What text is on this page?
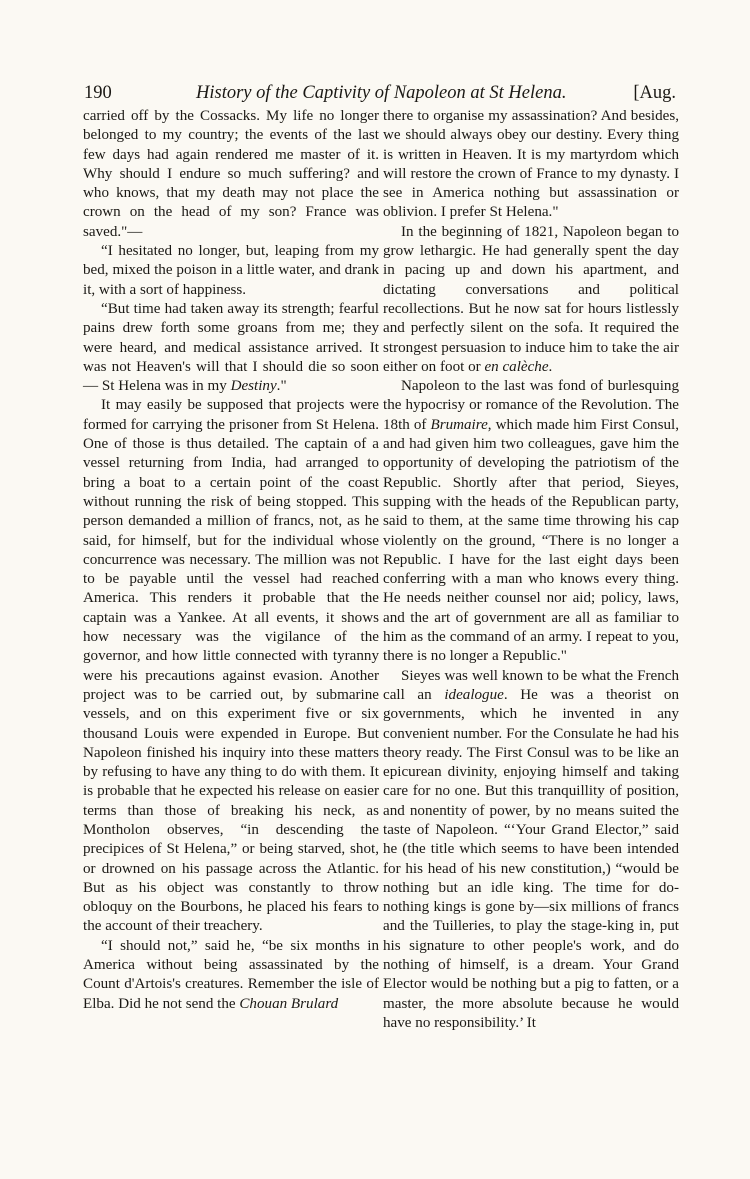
190	History of the Captivity of Napoleon at St Helena.	[Aug.

carried off by the Cossacks. My life no longer belonged to my country; the events of the last few days had again rendered me master of it. Why should I endure so much suffering? and who knows, that my death may not place the crown on the head of my son? France was saved."—

“I hesitated no longer, but, leaping from my bed, mixed the poison in a little water, and drank it, with a sort of happiness.

“But time had taken away its strength; fearful pains drew forth some groans from me; they were heard, and medical assistance arrived. It was not Heaven's will that I should die so soon — St Helena was in my Destiny."

It may easily be supposed that projects were formed for carrying the prisoner from St Helena. One of those is thus detailed. The captain of a vessel returning from India, had arranged to bring a boat to a certain point of the coast without running the risk of being stopped. This person demanded a million of francs, not, as he said, for himself, but for the individual whose concurrence was necessary. The million was not to be payable until the vessel had reached America. This renders it probable that the captain was a Yankee. At all events, it shows how necessary was the vigilance of the governor, and how little connected with tyranny were his precautions against evasion. Another project was to be carried out, by submarine vessels, and on this experiment five or six thousand Louis were expended in Europe. But Napoleon finished his inquiry into these matters by refusing to have any thing to do with them. It is probable that he expected his release on easier terms than those of breaking his neck, as Montholon observes, “in descending the precipices of St Helena,” or being starved, shot, or drowned on his passage across the Atlantic. But as his object was constantly to throw obloquy on the Bourbons, he placed his fears to the account of their treachery.

“I should not,” said he, “be six months in America without being assassinated by the Count d'Artois's creatures. Remember the isle of Elba. Did he not send the Chouan Brulard

there to organise my assassination? And besides, we should always obey our destiny. Every thing is written in Heaven. It is my martyrdom which will restore the crown of France to my dynasty. I see in America nothing but assassination or oblivion. I prefer St Helena."

In the beginning of 1821, Napoleon began to grow lethargic. He had generally spent the day in pacing up and down his apartment, and dictating conversations and political recollections. But he now sat for hours listlessly and perfectly silent on the sofa. It required the strongest persuasion to induce him to take the air either on foot or en calèche.

Napoleon to the last was fond of burlesquing the hypocrisy or romance of the Revolution. The 18th of Brumaire, which made him First Consul, and had given him two colleagues, gave him the opportunity of developing the patriotism of the Republic. Shortly after that period, Sieyes, supping with the heads of the Republican party, said to them, at the same time throwing his cap violently on the ground, “There is no longer a Republic. I have for the last eight days been conferring with a man who knows every thing. He needs neither counsel nor aid; policy, laws, and the art of government are all as familiar to him as the command of an army. I repeat to you, there is no longer a Republic."

Sieyes was well known to be what the French call an idealogue. He was a theorist on governments, which he invented in any convenient number. For the Consulate he had his theory ready. The First Consul was to be like an epicurean divinity, enjoying himself and taking care for no one. But this tranquillity of position, and nonentity of power, by no means suited the taste of Napoleon. “‘Your Grand Elector,” said he (the title which seems to have been intended for his head of his new constitution,) “would be nothing but an idle king. The time for do-nothing kings is gone by—six millions of francs and the Tuilleries, to play the stage-king in, put his signature to other people's work, and do nothing of himself, is a dream. Your Grand Elector would be nothing but a pig to fatten, or a master, the more absolute because he would have no responsibility.’ It
